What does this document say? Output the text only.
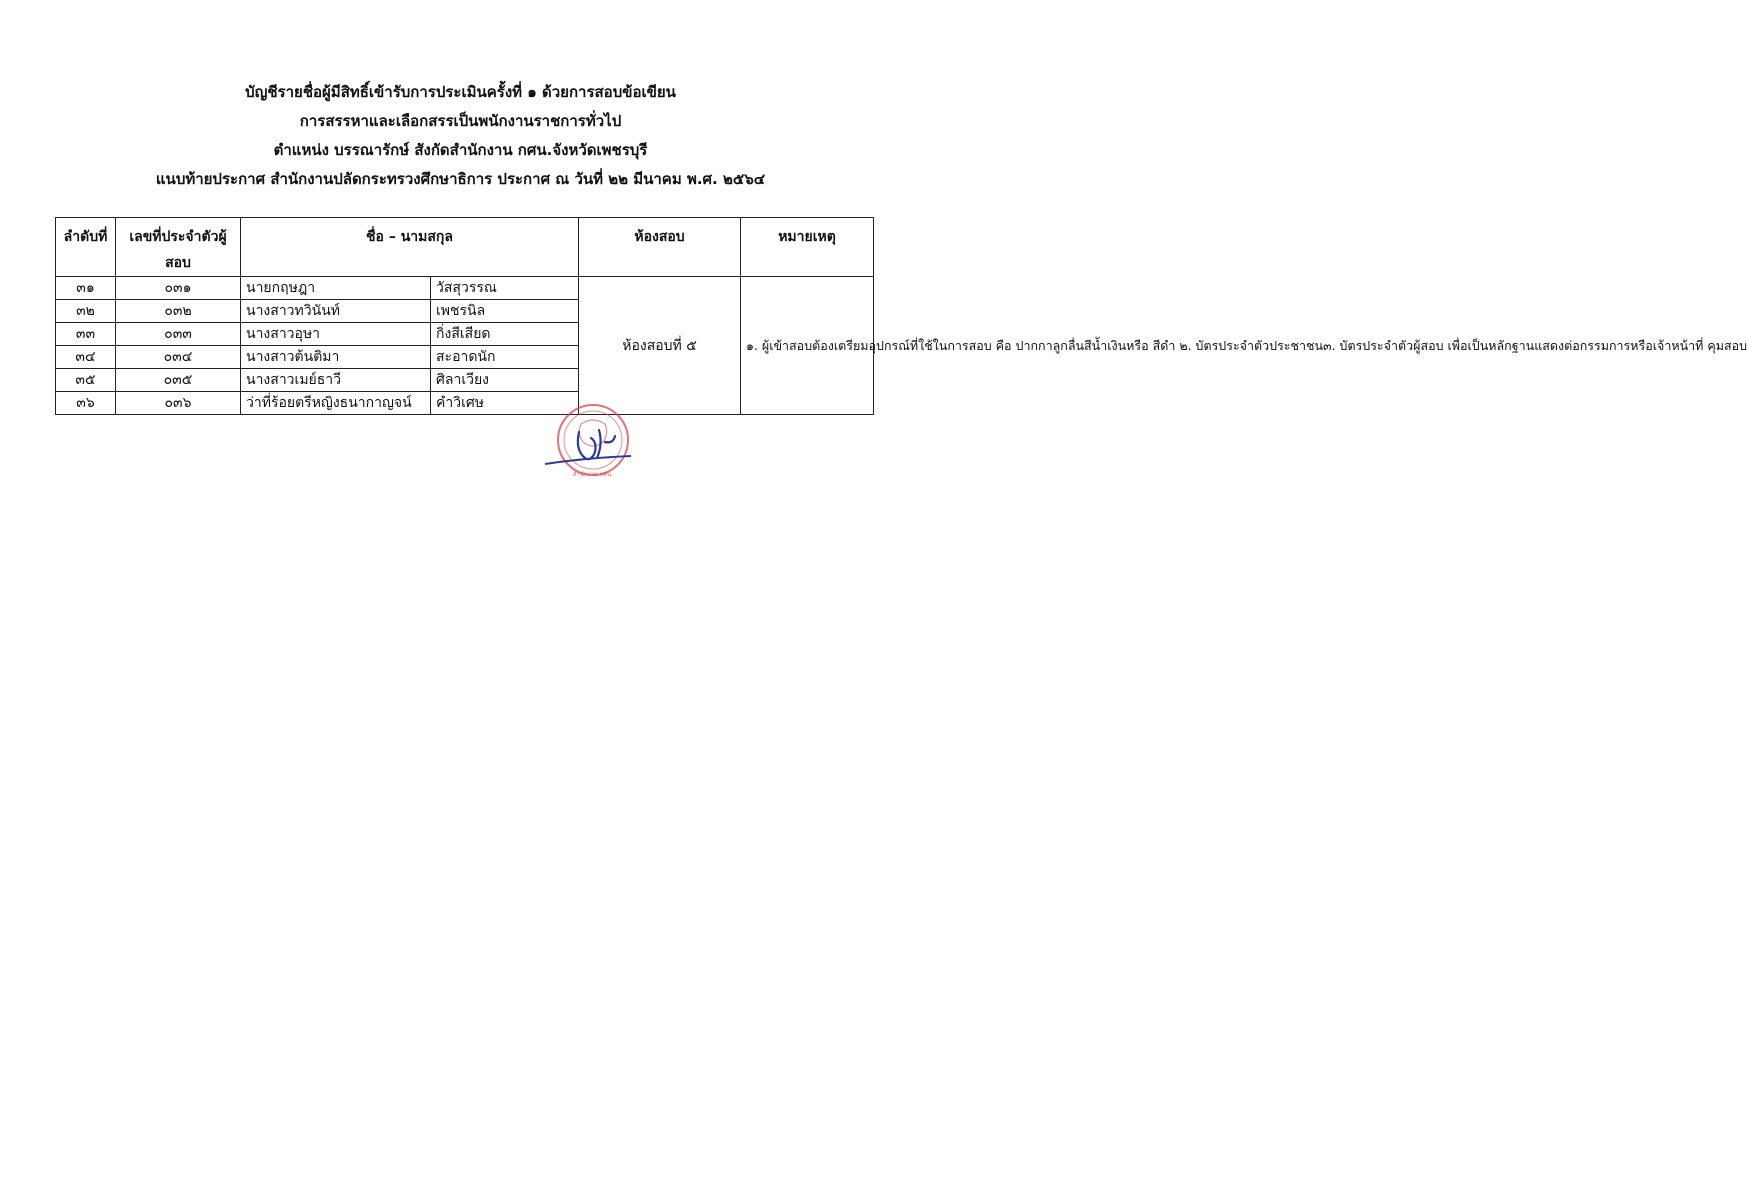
บัญชีรายชื่อผู้มีสิทธิ์เข้ารับการประเมินครั้งที่ ๑ ด้วยการสอบข้อเขียน
การสรรหาและเลือกสรรเป็นพนักงานราชการทั่วไป
ตำแหน่ง บรรณารักษ์ สังกัดสำนักงาน กศน.จังหวัดเพชรบุรี
แนบท้ายประกาศ สำนักงานปลัดกระทรวงศึกษาธิการ ประกาศ ณ วันที่ ๒๒ มีนาคม พ.ศ. ๒๕๖๔
ลำดับที่	เลขที่ประจำตัวผู้สอบ	ชื่อ – นามสกุล		ห้องสอบ	หมายเหตุ
๓๑	๐๓๑	นายกฤษฎา	วัสสุวรรณ	ห้องสอบที่ ๕	๑. ผู้เข้าสอบต้องเตรียมอุปกรณ์ที่ใช้ในการสอบ คือ ปากกาลูกลื่นสีน้ำเงินหรือ สีดำ ๒. บัตรประจำตัวประชาชน๓. บัตรประจำตัวผู้สอบ เพื่อเป็นหลักฐานแสดงต่อกรรมการหรือเจ้าหน้าที่ คุมสอบ
๓๒	๐๓๒	นางสาวทวินันท์	เพชรนิล		
๓๓	๐๓๓	นางสาวอุษา	กิ่งสีเสียด		
๓๔	๐๓๔	นางสาวต้นติมา	สะอาดนัก		
๓๕	๐๓๕	นางสาวเมย์ธาวี	ศิลาเวียง		
๓๖	๐๓๖	ว่าที่ร้อยตรีหญิงธนากาญจน์	คำวิเศษ		
สำนักงาน กศน.
